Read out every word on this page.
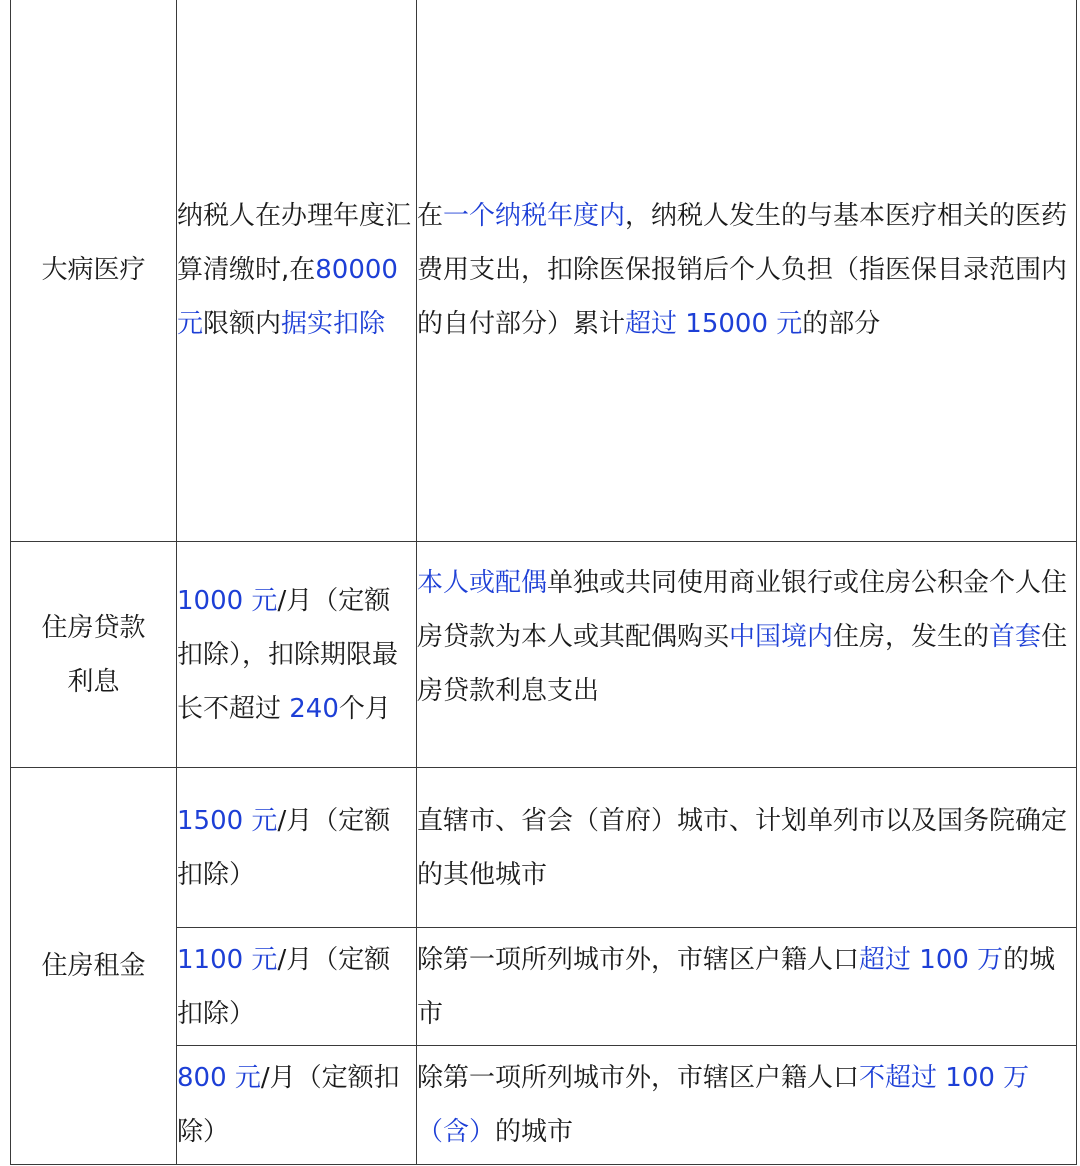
大病医疗	纳税人在办理年度汇算清缴时,在80000 元限额内据实扣除	在一个纳税年度内，纳税人发生的与基本医疗相关的医药费用支出，扣除医保报销后个人负担（指医保目录范围内的自付部分）累计超过 15000 元的部分
住房贷款利息	1000 元/月（定额扣除），扣除期限最长不超过 240个月	本人或配偶单独或共同使用商业银行或住房公积金个人住房贷款为本人或其配偶购买中国境内住房，发生的首套住房贷款利息支出
住房租金	1500 元/月（定额扣除）	直辖市、省会（首府）城市、计划单列市以及国务院确定的其他城市
	1100 元/月（定额扣除）	除第一项所列城市外，市辖区户籍人口超过 100 万的城市
	800 元/月（定额扣除）	除第一项所列城市外，市辖区户籍人口不超过 100 万（含）的城市
